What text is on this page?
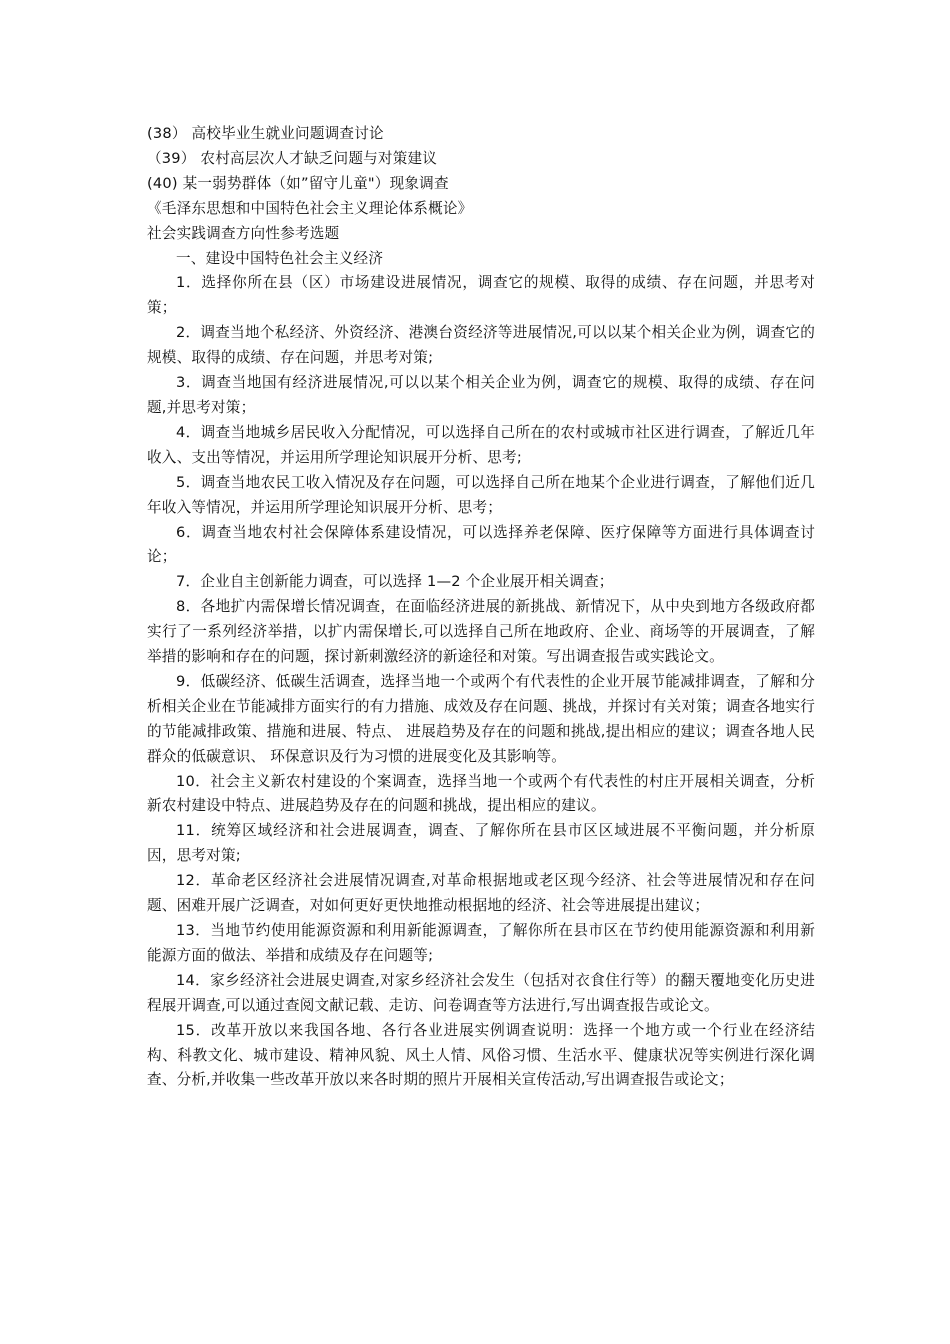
(38） 高校毕业生就业问题调查讨论
（39） 农村高层次人才缺乏问题与对策建议
(40) 某一弱势群体（如”留守儿童"）现象调查
《毛泽东思想和中国特色社会主义理论体系概论》
社会实践调查方向性参考选题
一、建设中国特色社会主义经济
1．选择你所在县（区）市场建设进展情况，调查它的规模、取得的成绩、存在问题，并思考对策；
2．调查当地个私经济、外资经济、港澳台资经济等进展情况,可以以某个相关企业为例，调查它的规模、取得的成绩、存在问题，并思考对策;
3．调查当地国有经济进展情况,可以以某个相关企业为例，调查它的规模、取得的成绩、存在问题,并思考对策；
4．调查当地城乡居民收入分配情况，可以选择自己所在的农村或城市社区进行调查，了解近几年收入、支出等情况，并运用所学理论知识展开分析、思考;
5．调查当地农民工收入情况及存在问题，可以选择自己所在地某个企业进行调查，了解他们近几年收入等情况，并运用所学理论知识展开分析、思考；
6．调查当地农村社会保障体系建设情况，可以选择养老保障、医疗保障等方面进行具体调查讨论；
7．企业自主创新能力调查，可以选择 1—2 个企业展开相关调查；
8．各地扩内需保增长情况调查，在面临经济进展的新挑战、新情况下，从中央到地方各级政府都实行了一系列经济举措，以扩内需保增长,可以选择自己所在地政府、企业、商场等的开展调查，了解举措的影响和存在的问题，探讨新刺激经济的新途径和对策。写出调查报告或实践论文。
9．低碳经济、低碳生活调查，选择当地一个或两个有代表性的企业开展节能减排调查，了解和分析相关企业在节能减排方面实行的有力措施、成效及存在问题、挑战，并探讨有关对策；调查各地实行的节能减排政策、措施和进展、特点、 进展趋势及存在的问题和挑战,提出相应的建议；调查各地人民群众的低碳意识、 环保意识及行为习惯的进展变化及其影响等。
10．社会主义新农村建设的个案调查，选择当地一个或两个有代表性的村庄开展相关调查，分析新农村建设中特点、进展趋势及存在的问题和挑战，提出相应的建议。
11．统筹区域经济和社会进展调查，调查、了解你所在县市区区域进展不平衡问题，并分析原因，思考对策;
12．革命老区经济社会进展情况调查,对革命根据地或老区现今经济、社会等进展情况和存在问题、困难开展广泛调查，对如何更好更快地推动根据地的经济、社会等进展提出建议；
13．当地节约使用能源资源和利用新能源调查，了解你所在县市区在节约使用能源资源和利用新能源方面的做法、举措和成绩及存在问题等;
14．家乡经济社会进展史调查,对家乡经济社会发生（包括对衣食住行等）的翻天覆地变化历史进程展开调查,可以通过查阅文献记载、走访、问卷调查等方法进行,写出调查报告或论文。
15．改革开放以来我国各地、各行各业进展实例调查说明：选择一个地方或一个行业在经济结构、科教文化、城市建设、精神风貌、风土人情、风俗习惯、生活水平、健康状况等实例进行深化调查、分析,并收集一些改革开放以来各时期的照片开展相关宣传活动,写出调查报告或论文；
